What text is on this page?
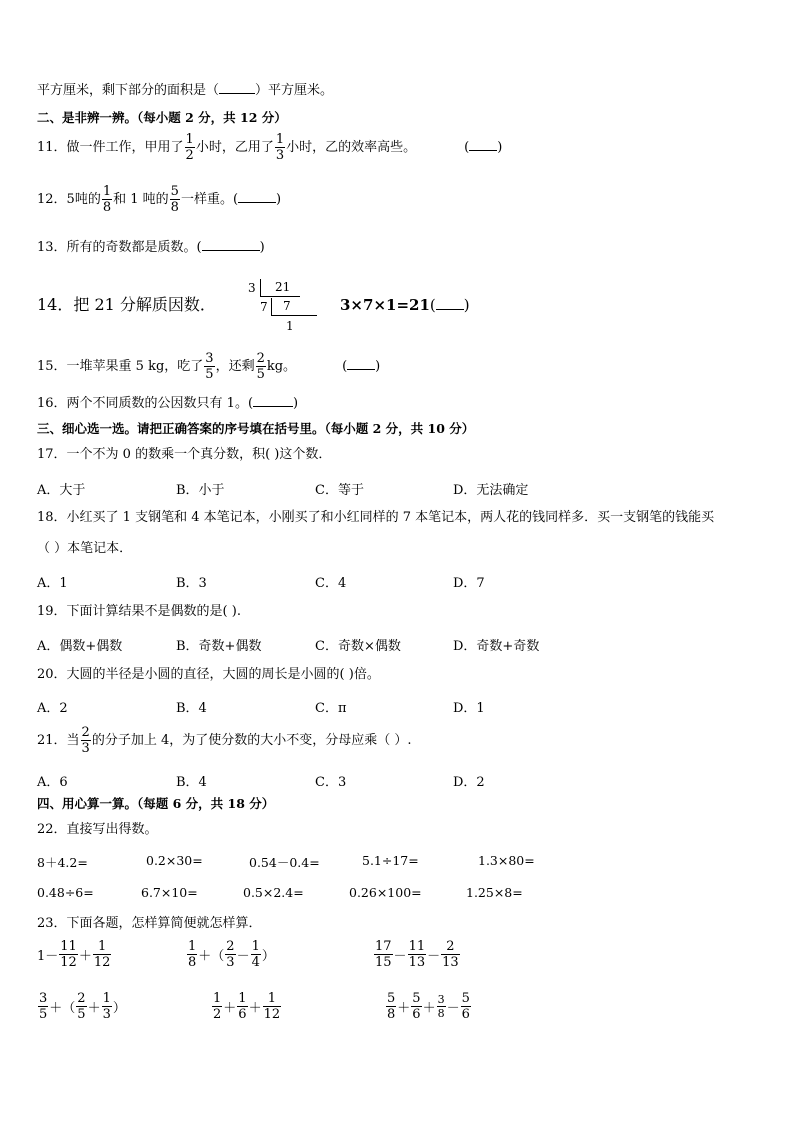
平方厘米，剩下部分的面积是（	）平方厘米。
二、是非辨一辨。（每小题 2 分，共 12 分）
11．做一件工作，甲用了 $\frac{1}{2}$ 小时，乙用了 $\frac{1}{3}$ 小时，乙的效率高些。	( )
12．5吨的 $\frac{1}{8}$ 和 1 吨的 $\frac{5}{8}$ 一样重。(	)
13．所有的奇数都是质数。(	)
14．把 21 分解质因数．
3 21
7 7
1
3×7×1=21( )
15．一堆苹果重 5 kg，吃了 $\frac{3}{5}$ ，还剩 $\frac{2}{5}$ kg。	( )
16．两个不同质数的公因数只有 1。(	)
三、细心选一选。请把正确答案的序号填在括号里。（每小题 2 分，共 10 分）
17．一个不为 0 的数乘一个真分数，积( )这个数．
A．大于	B．小于	C．等于	D．无法确定
18．小红买了 1 支钢笔和 4 本笔记本，小刚买了和小红同样的 7 本笔记本，两人花的钱同样多．买一支钢笔的钱能买
（ ）本笔记本．
A．1	B．3	C．4	D．7
19．下面计算结果不是偶数的是( ).
A．偶数+偶数	B．奇数+偶数	C．奇数×偶数	D．奇数+奇数
20．大圆的半径是小圆的直径，大圆的周长是小圆的( )倍。
A．2	B．4	C．π	D．1
21．当 $\frac{2}{3}$ 的分子加上 4，为了使分数的大小不变，分母应乘（ ）.
A．6	B．4	C．3	D．2
四、用心算一算。（每题 6 分，共 18 分）
22．直接写出得数。
8＋4.2=	0.2×30=	0.54－0.4=	5.1÷17=	1.3×80=
0.48÷6=	6.7×10=	0.5×2.4=	0.26×100=	1.25×8=
23．下面各题，怎样算简便就怎样算．
$1- \frac{11}{12} + \frac{1}{12}$	$\frac{1}{8}$ ＋（ $\frac{2}{3} - \frac{1}{4}$ ）	$\frac{17}{15} - \frac{11}{13} - \frac{2}{13}$
$\frac{3}{5}$ ＋（ $\frac{2}{5} + \frac{1}{3}$ ）	$\frac{1}{2} + \frac{1}{6} + \frac{1}{12}$	$\frac{5}{8} + \frac{5}{6} + \frac{3}{8} - \frac{5}{6}$
